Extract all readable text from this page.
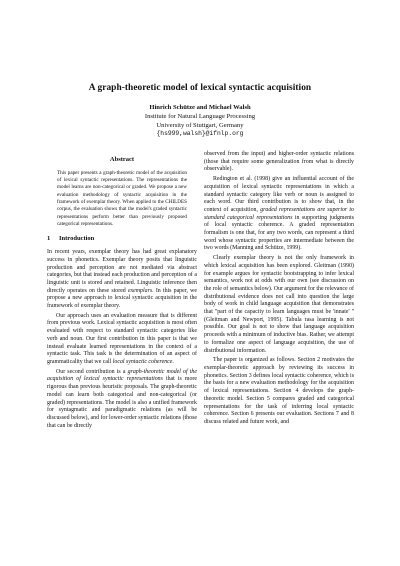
A graph-theoretic model of lexical syntactic acquisition
Hinrich Schütze and Michael Walsh
Institute for Natural Language Processing
University of Stuttgart, Germany
{hs999,walsh}@ifnlp.org
Abstract

This paper presents a graph-theoretic model of the acquisition of lexical syntactic representations. The representations the model learns are non-categorical or graded. We propose a new evaluation methodology of syntactic acquisition in the framework of exemplar theory. When applied to the CHILDES corpus, the evaluation shows that the model's graded syntactic representations perform better than previously proposed categorical representations.

1 Introduction

In recent years, exemplar theory has had great explanatory success in phonetics. Exemplar theory posits that linguistic production and perception are not mediated via abstract categories, but that instead each production and perception of a linguistic unit is stored and retained. Linguistic inference then directly operates on these stored exemplars. In this paper, we propose a new approach to lexical syntactic acquisition in the framework of exemplar theory.

Our approach uses an evaluation measure that is different from previous work. Lexical syntactic acquisition is most often evaluated with respect to standard syntactic categories like verb and noun. Our first contribution in this paper is that we instead evaluate learned representations in the context of a syntactic task. This task is the determination of an aspect of grammaticality that we call local syntactic coherence.

Our second contribution is a graph-theoretic model of the acquisition of lexical syntactic representations that is more rigorous than previous heuristic proposals. The graph-theoretic model can learn both categorical and non-categorical (or graded) representations. The model is also a unified framework for syntagmatic and paradigmatic relations (as will be discussed below), and for lower-order syntactic relations (those that can be directly

observed from the input) and higher-order syntactic relations (those that require some generalization from what is directly observable).

Redington et al. (1998) give an influential account of the acquisition of lexical syntactic representations in which a standard syntactic category like verb or noun is assigned to each word. Our third contribution is to show that, in the context of acquisition, graded representations are superior to standard categorical representations in supporting judgments of local syntactic coherence. A graded representation formalism is one that, for any two words, can represent a third word whose syntactic properties are intermediate between the two words (Manning and Schütze, 1999).

Clearly exemplar theory is not the only framework in which lexical acquisition has been explored. Gleitman (1990) for example argues for syntactic bootstrapping to infer lexical semantics, work not at odds with our own (see discussion on the role of semantics below). Our argument for the relevance of distributional evidence does not call into question the large body of work in child language acquisition that demonstrates that "part of the capacity to learn languages must be 'innate' " (Gleitman and Newport, 1995). Tabula rasa learning is not possible. Our goal is not to show that language acquisition proceeds with a minimum of inductive bias. Rather, we attempt to formalize one aspect of language acquisition, the use of distributional information.

The paper is organized as follows. Section 2 motivates the exemplar-theoretic approach by reviewing its success in phonetics. Section 3 defines local syntactic coherence, which is the basis for a new evaluation methodology for the acquisition of lexical representations. Section 4 develops the graph-theoretic model. Section 5 compares graded and categorical representations for the task of inferring local syntactic coherence. Section 6 presents our evaluation. Sections 7 and 8 discuss related and future work, and
